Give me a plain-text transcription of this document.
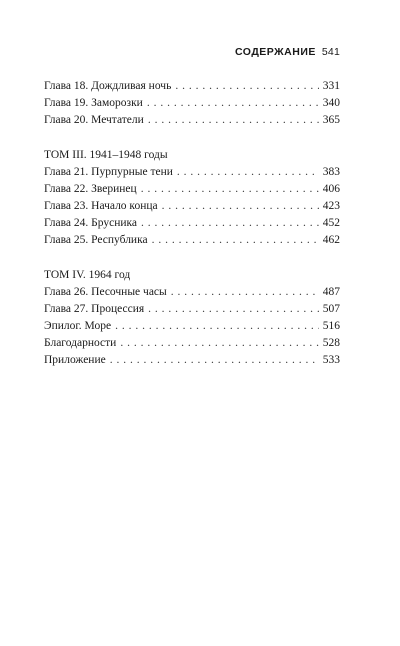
СОДЕРЖАНИЕ 541
Глава 18. Дождливая ночь . . .	331
Глава 19. Заморозки . . .	340
Глава 20. Мечтатели . . .	365
ТОМ III. 1941–1948 годы
Глава 21. Пурпурные тени . . .	383
Глава 22. Зверинец . . .	406
Глава 23. Начало конца . . .	423
Глава 24. Брусника . . .	452
Глава 25. Республика . . .	462
ТОМ IV. 1964 год
Глава 26. Песочные часы . . .	487
Глава 27. Процессия . . .	507
Эпилог. Море . . .	516
Благодарности . . .	528
Приложение . . .	533
